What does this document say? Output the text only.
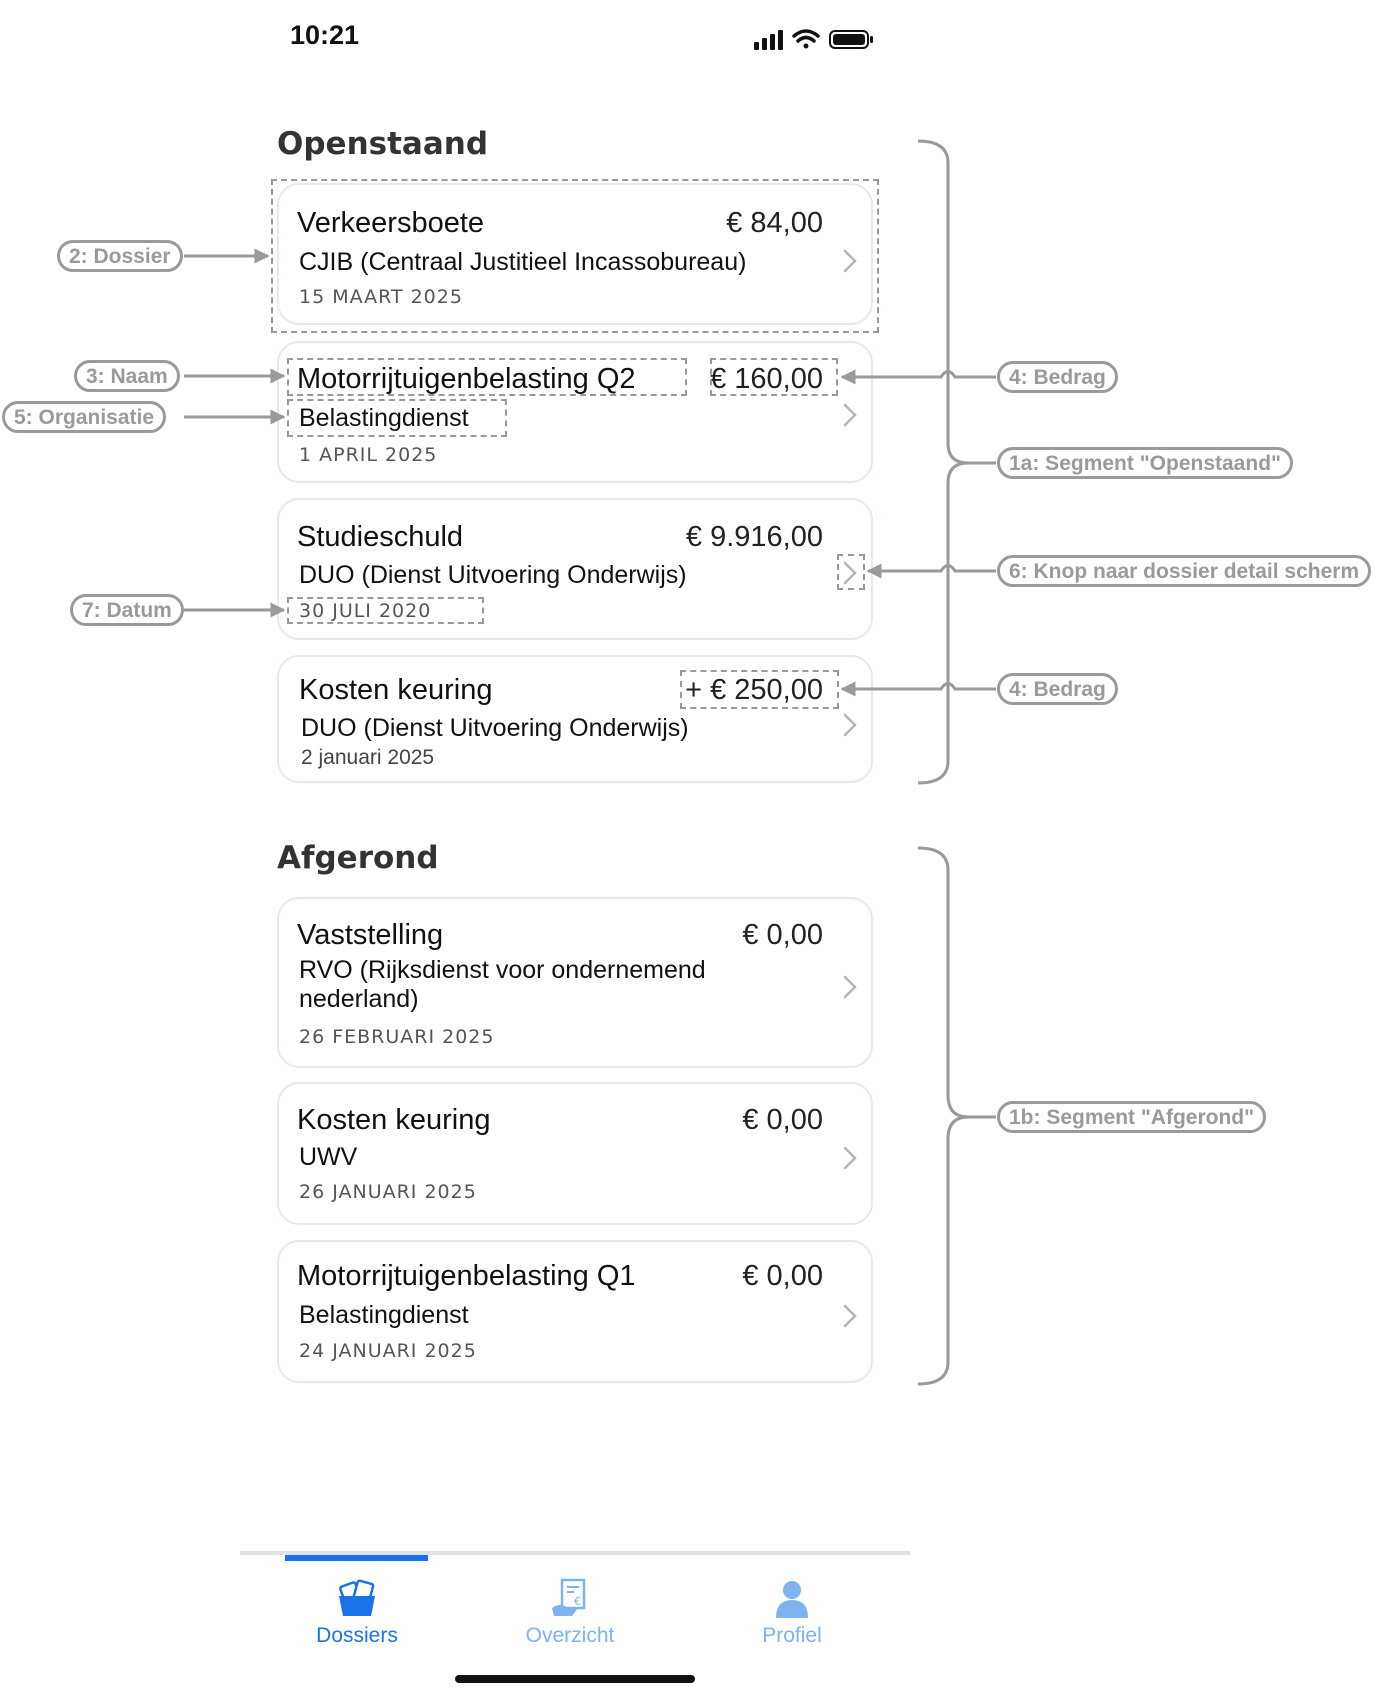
10:21
Openstaand
Verkeersboete	€ 84,00
CJIB (Centraal Justitieel Incassobureau)
15 MAART 2025
Motorrijtuigenbelasting Q2	€ 160,00
Belastingdienst
1 APRIL 2025
Studieschuld	€ 9.916,00
DUO (Dienst Uitvoering Onderwijs)
30 JULI 2020
Kosten keuring	+ € 250,00
DUO (Dienst Uitvoering Onderwijs)
2 januari 2025
Afgerond
Vaststelling	€ 0,00
RVO (Rijksdienst voor ondernemend nederland)
26 FEBRUARI 2025
Kosten keuring	€ 0,00
UWV
26 JANUARI 2025
Motorrijtuigenbelasting Q1	€ 0,00
Belastingdienst
24 JANUARI 2025
2: Dossier
3: Naam
5: Organisatie
7: Datum
4: Bedrag
1a: Segment "Openstaand"
6: Knop naar dossier detail scherm
4: Bedrag
1b: Segment "Afgerond"
Dossiers
€
Overzicht	Profiel
